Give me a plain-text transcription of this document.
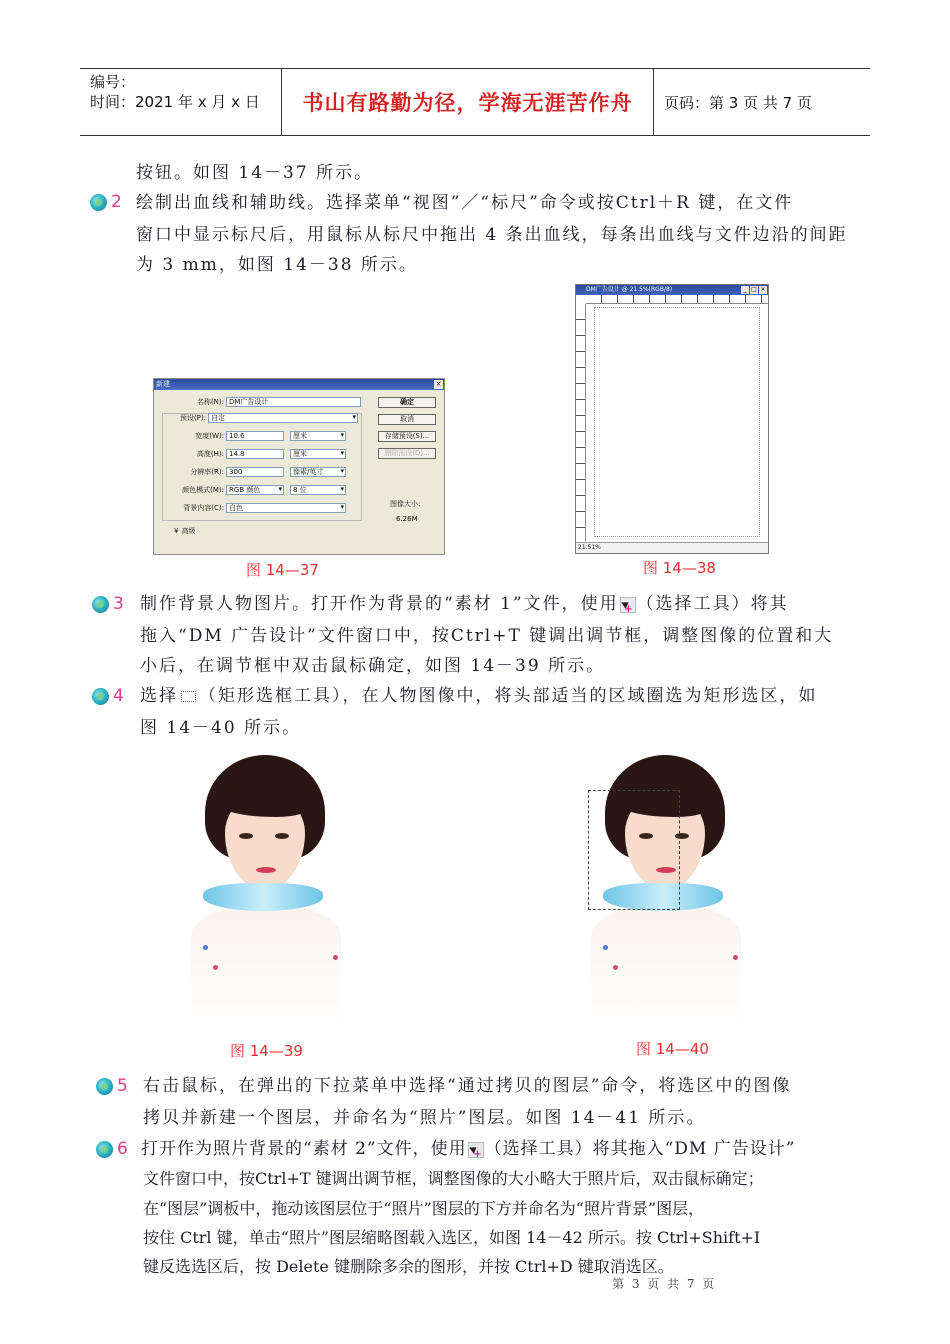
编号：
时间：2021 年 x 月 x 日	书山有路勤为径，学海无涯苦作舟 页码：第 3 页 共 7 页
按钮。如图 14－37 所示。
2 绘制出血线和辅助线。选择菜单“视图”／“标尺”命令或按Ctrl＋R 键，在文件
窗口中显示标尺后，用鼠标从标尺中拖出 4 条出血线，每条出血线与文件边沿的间距
为 3 mm，如图 14－38 所示。
新建	×
名称(N): DM广告设计
预设(P): 自定 ▾
宽度(W): 10.6	厘米 ▾
高度(H): 14.8	厘米 ▾
分辨率(R): 300	像素/英寸 ▾
颜色模式(M): RGB 颜色 ▾	8 位 ▾
背景内容(C): 白色 ▾
¥ 高级
确定
取消
存储预设(S)...
删除预设(D)...
图像大小:
6.26M
DM广告设计 @ 21.5%(RGB/8)	_ □ ×
21.51%
图 14—37	图 14—38
3 制作背景人物图片。打开作为背景的“素材 1”文件，使用 + （选择工具）将其
拖入“DM 广告设计”文件窗口中，按Ctrl+T 键调出调节框，调整图像的位置和大
小后，在调节框中双击鼠标确定，如图 14－39 所示。
4 选择 （矩形选框工具），在人物图像中，将头部适当的区域圈选为矩形选区，如
图 14－40 所示。
图 14—39	图 14—40
5 右击鼠标，在弹出的下拉菜单中选择“通过拷贝的图层”命令，将选区中的图像
拷贝并新建一个图层，并命名为“照片”图层。如图 14－41 所示。
6 打开作为照片背景的“素材 2”文件，使用 + （选择工具）将其拖入“DM 广告设计”
文件窗口中，按Ctrl+T 键调出调节框，调整图像的大小略大于照片后，双击鼠标确定；
在“图层”调板中，拖动该图层位于“照片”图层的下方并命名为“照片背景”图层，
按住 Ctrl 键，单击“照片”图层缩略图载入选区，如图 14－42 所示。按 Ctrl+Shift+I
键反选选区后，按 Delete 键删除多余的图形，并按 Ctrl+D 键取消选区。
第 3 页 共 7 页
